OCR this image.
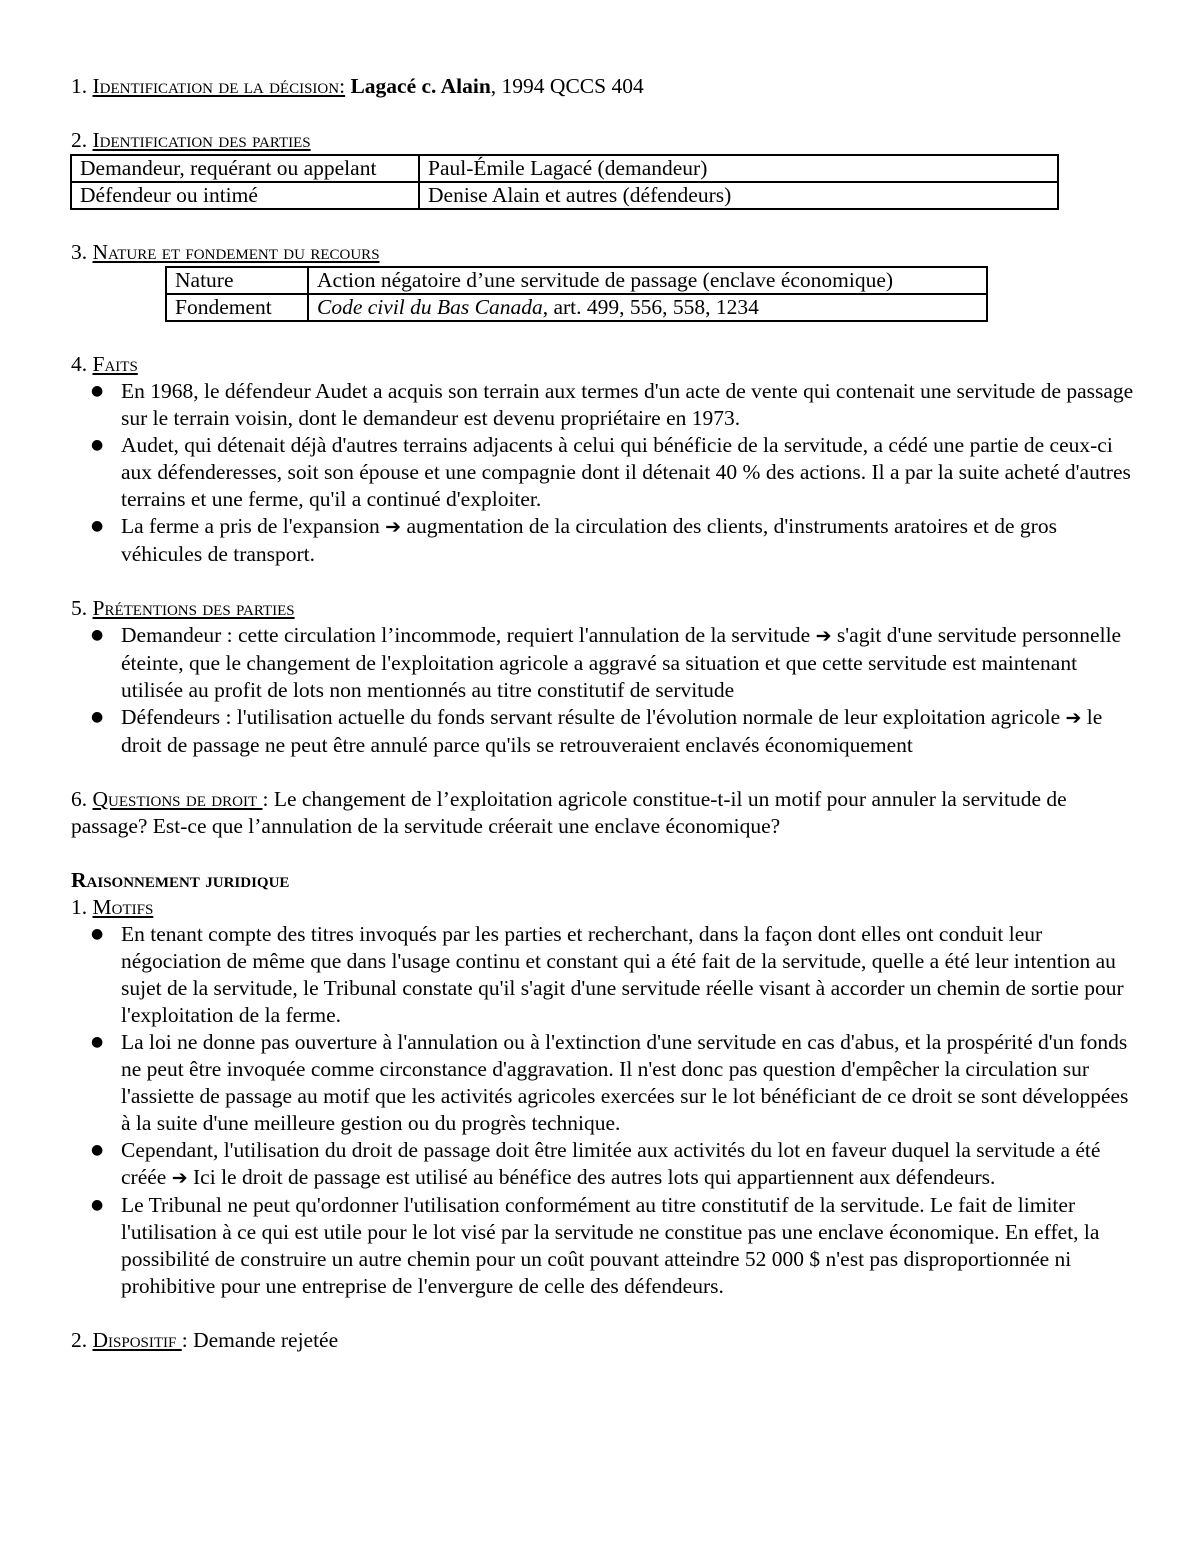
1. Identification de la décision: Lagacé c. Alain, 1994 QCCS 404

2. Identification des parties

Demandeur, requérant ou appelant	Paul-Émile Lagacé (demandeur)
Défendeur ou intimé	Denise Alain et autres (défendeurs)

3. Nature et fondement du recours

Nature	Action négatoire d’une servitude de passage (enclave économique)
Fondement	Code civil du Bas Canada, art. 499, 556, 558, 1234

4. Faits

● En 1968, le défendeur Audet a acquis son terrain aux termes d'un acte de vente qui contenait une servitude de passage sur le terrain voisin, dont le demandeur est devenu propriétaire en 1973.
● Audet, qui détenait déjà d'autres terrains adjacents à celui qui bénéficie de la servitude, a cédé une partie de ceux-ci aux défenderesses, soit son épouse et une compagnie dont il détenait 40 % des actions. Il a par la suite acheté d'autres terrains et une ferme, qu'il a continué d'exploiter.
● La ferme a pris de l'expansion ➔ augmentation de la circulation des clients, d'instruments aratoires et de gros véhicules de transport.

5. Prétentions des parties

● Demandeur : cette circulation l’incommode, requiert l'annulation de la servitude ➔ s'agit d'une servitude personnelle éteinte, que le changement de l'exploitation agricole a aggravé sa situation et que cette servitude est maintenant utilisée au profit de lots non mentionnés au titre constitutif de servitude
● Défendeurs : l'utilisation actuelle du fonds servant résulte de l'évolution normale de leur exploitation agricole ➔ le droit de passage ne peut être annulé parce qu'ils se retrouveraient enclavés économiquement

6. Questions de droit : Le changement de l’exploitation agricole constitue-t-il un motif pour annuler la servitude de passage? Est-ce que l’annulation de la servitude créerait une enclave économique?

Raisonnement juridique

1. Motifs

● En tenant compte des titres invoqués par les parties et recherchant, dans la façon dont elles ont conduit leur négociation de même que dans l'usage continu et constant qui a été fait de la servitude, quelle a été leur intention au sujet de la servitude, le Tribunal constate qu'il s'agit d'une servitude réelle visant à accorder un chemin de sortie pour l'exploitation de la ferme.
● La loi ne donne pas ouverture à l'annulation ou à l'extinction d'une servitude en cas d'abus, et la prospérité d'un fonds ne peut être invoquée comme circonstance d'aggravation. Il n'est donc pas question d'empêcher la circulation sur l'assiette de passage au motif que les activités agricoles exercées sur le lot bénéficiant de ce droit se sont développées à la suite d'une meilleure gestion ou du progrès technique.
● Cependant, l'utilisation du droit de passage doit être limitée aux activités du lot en faveur duquel la servitude a été créée ➔ Ici le droit de passage est utilisé au bénéfice des autres lots qui appartiennent aux défendeurs.
● Le Tribunal ne peut qu'ordonner l'utilisation conformément au titre constitutif de la servitude. Le fait de limiter l'utilisation à ce qui est utile pour le lot visé par la servitude ne constitue pas une enclave économique. En effet, la possibilité de construire un autre chemin pour un coût pouvant atteindre 52 000 $ n'est pas disproportionnée ni prohibitive pour une entreprise de l'envergure de celle des défendeurs.

2. Dispositif : Demande rejetée
